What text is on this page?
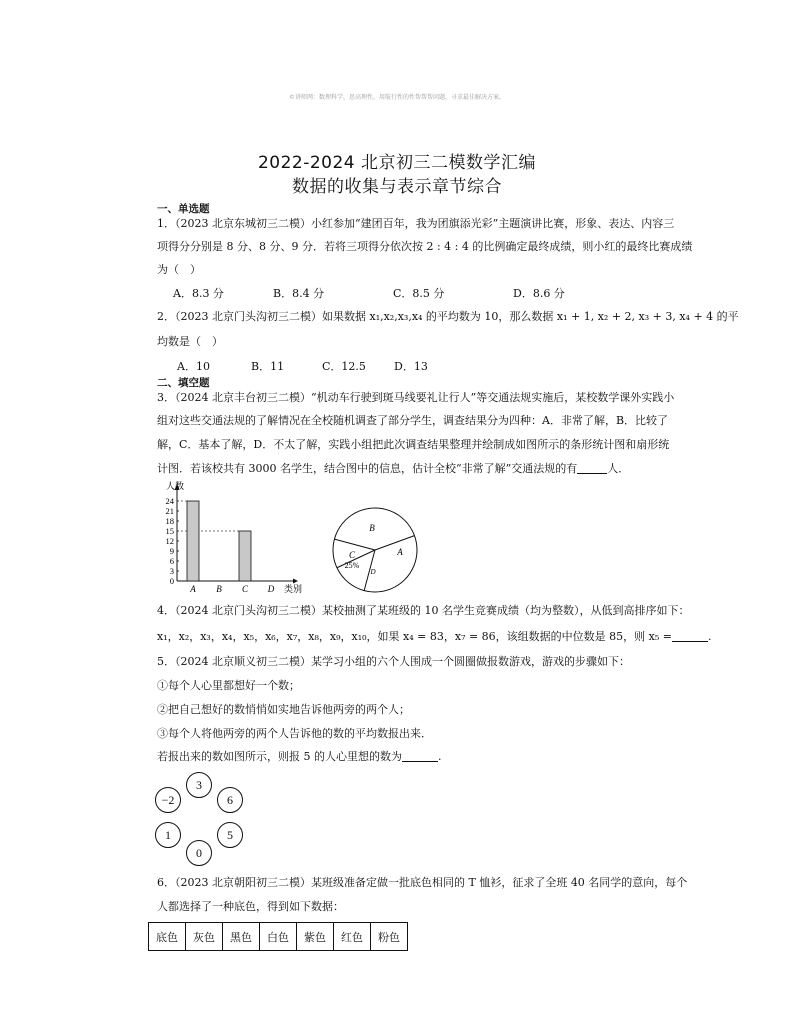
©讲师网：数理科学，思高理性，用航行性的性帮帮帮问题，寻求最佳解决方案。
2022-2024 北京初三二模数学汇编
数据的收集与表示章节综合
一、单选题
1．（2023 北京东城初三二模）小红参加“建团百年，我为团旗添光彩”主题演讲比赛，形象、表达、内容三
项得分分别是 8 分、8 分、9 分．若将三项得分依次按 2 : 4 : 4 的比例确定最终成绩，则小红的最终比赛成绩
为（　）
A．8.3 分	B．8.4 分	C．8.5 分	D．8.6 分
2．（2023 北京门头沟初三二模）如果数据 x₁,x₂,x₃,x₄ 的平均数为 10，那么数据 x₁ + 1, x₂ + 2, x₃ + 3, x₄ + 4 的平
均数是（　）
A．10	B．11	C．12.5	D．13
二、填空题
3．（2024 北京丰台初三二模）“机动车行驶到斑马线要礼让行人”等交通法规实施后，某校数学课外实践小
组对这些交通法规的了解情况在全校随机调查了部分学生，调查结果分为四种：A．非常了解，B．比较了
解，C．基本了解，D．不太了解，实践小组把此次调查结果整理并绘制成如图所示的条形统计图和扇形统
计图．若该校共有 3000 名学生，结合图中的信息，估计全校“非常了解”交通法规的有	人．
人数
类别
0
3
6
9
12
15
18
21
24
A B C D
B
A
C
25%
D
4．（2024 北京门头沟初三二模）某校抽测了某班级的 10 名学生竞赛成绩（均为整数），从低到高排序如下：
x₁，x₂，x₃，x₄，x₅，x₆，x₇，x₈，x₉，x₁₀，如果 x₄ = 83，x₇ = 86，该组数据的中位数是 85，则 x₅ =	.
5．（2024 北京顺义初三二模）某学习小组的六个人围成一个圆圈做报数游戏，游戏的步骤如下：
①每个人心里都想好一个数；
②把自己想好的数悄悄如实地告诉他两旁的两个人；
③每个人将他两旁的两个人告诉他的数的平均数报出来．
若报出来的数如图所示，则报 5 的人心里想的数为	.
3
−2	6
1	5
0
6．（2023 北京朝阳初三二模）某班级准备定做一批底色相同的 T 恤衫，征求了全班 40 名同学的意向，每个
人都选择了一种底色，得到如下数据：
底色	灰色	黑色	白色	紫色	红色	粉色
